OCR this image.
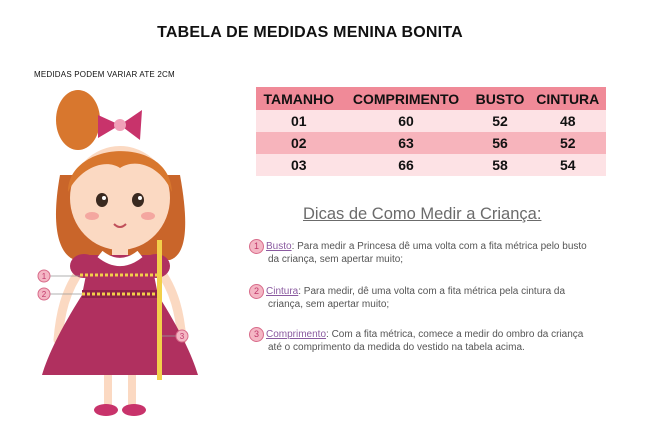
TABELA DE MEDIDAS MENINA BONITA
MEDIDAS PODEM VARIAR ATE 2CM
1
2
3
TAMANHO	COMPRIMENTO	BUSTO	CINTURA
01	60	52	48
02	63	56	52
03	66	58	54
Dicas de Como Medir a Criança:
1 Busto: Para medir a Princesa dê uma volta com a fita métrica pelo busto
da criança, sem apertar muito;
2 Cintura: Para medir, dê uma volta com a fita métrica pela cintura da
criança, sem apertar muito;
3 Comprimento: Com a fita métrica, comece a medir do ombro da criança
até o comprimento da medida do vestido na tabela acima.
